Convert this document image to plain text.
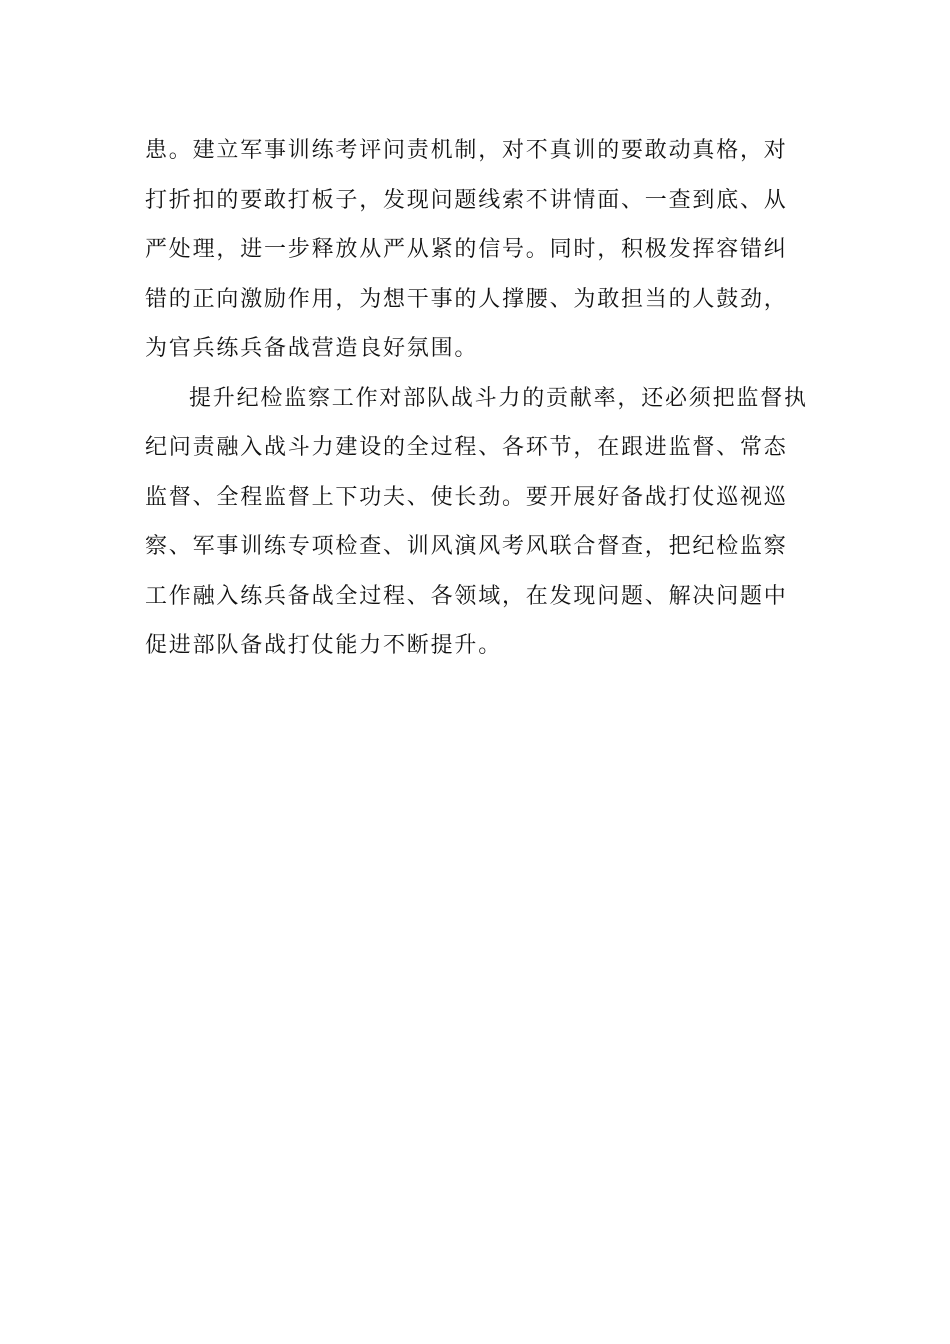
患。建立军事训练考评问责机制，对不真训的要敢动真格，对打折扣的要敢打板子，发现问题线索不讲情面、一查到底、从严处理，进一步释放从严从紧的信号。同时，积极发挥容错纠错的正向激励作用，为想干事的人撑腰、为敢担当的人鼓劲，为官兵练兵备战营造良好氛围。

提升纪检监察工作对部队战斗力的贡献率，还必须把监督执纪问责融入战斗力建设的全过程、各环节，在跟进监督、常态监督、全程监督上下功夫、使长劲。要开展好备战打仗巡视巡察、军事训练专项检查、训风演风考风联合督查，把纪检监察工作融入练兵备战全过程、各领域，在发现问题、解决问题中促进部队备战打仗能力不断提升。
